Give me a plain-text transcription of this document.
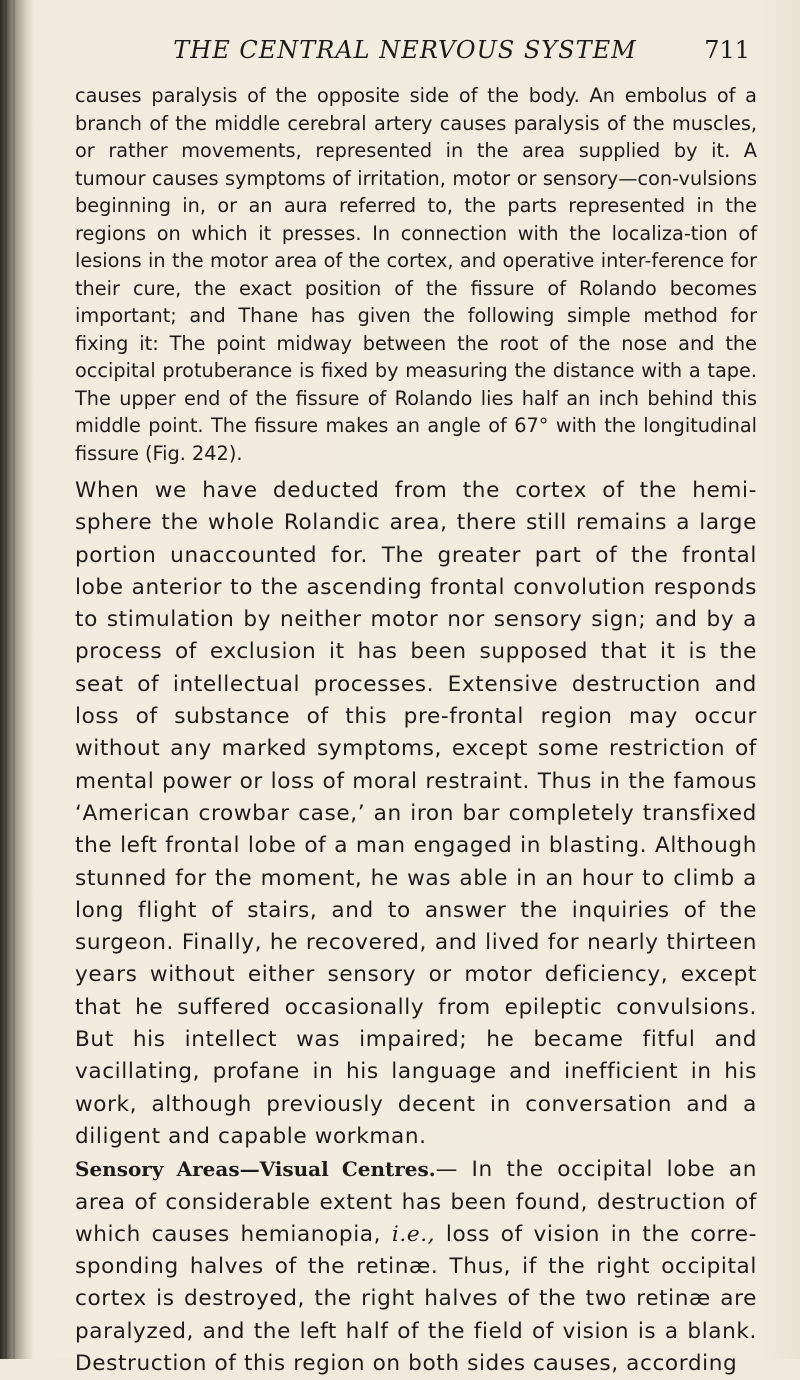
THE CENTRAL NERVOUS SYSTEM	711

causes paralysis of the opposite side of the body. An embolus of a branch of the middle cerebral artery causes paralysis of the muscles, or rather movements, represented in the area supplied by it. A tumour causes symptoms of irritation, motor or sensory—con-vulsions beginning in, or an aura referred to, the parts represented in the regions on which it presses. In connection with the localiza-tion of lesions in the motor area of the cortex, and operative inter-ference for their cure, the exact position of the fissure of Rolando becomes important; and Thane has given the following simple method for fixing it: The point midway between the root of the nose and the occipital protuberance is fixed by measuring the distance with a tape. The upper end of the fissure of Rolando lies half an inch behind this middle point. The fissure makes an angle of 67° with the longitudinal fissure (Fig. 242).

When we have deducted from the cortex of the hemi-sphere the whole Rolandic area, there still remains a large portion unaccounted for. The greater part of the frontal lobe anterior to the ascending frontal convolution responds to stimulation by neither motor nor sensory sign; and by a process of exclusion it has been supposed that it is the seat of intellectual processes. Extensive destruction and loss of substance of this pre-frontal region may occur without any marked symptoms, except some restriction of mental power or loss of moral restraint. Thus in the famous ‘American crowbar case,’ an iron bar completely transfixed the left frontal lobe of a man engaged in blasting. Although stunned for the moment, he was able in an hour to climb a long flight of stairs, and to answer the inquiries of the surgeon. Finally, he recovered, and lived for nearly thirteen years without either sensory or motor deficiency, except that he suffered occasionally from epileptic convulsions. But his intellect was impaired; he became fitful and vacillating, profane in his language and inefficient in his work, although previously decent in conversation and a diligent and capable workman.

Sensory Areas—Visual Centres.— In the occipital lobe an area of considerable extent has been found, destruction of which causes hemianopia, i.e., loss of vision in the corre-sponding halves of the retinæ. Thus, if the right occipital cortex is destroyed, the right halves of the two retinæ are paralyzed, and the left half of the field of vision is a blank. Destruction of this region on both sides causes, according
